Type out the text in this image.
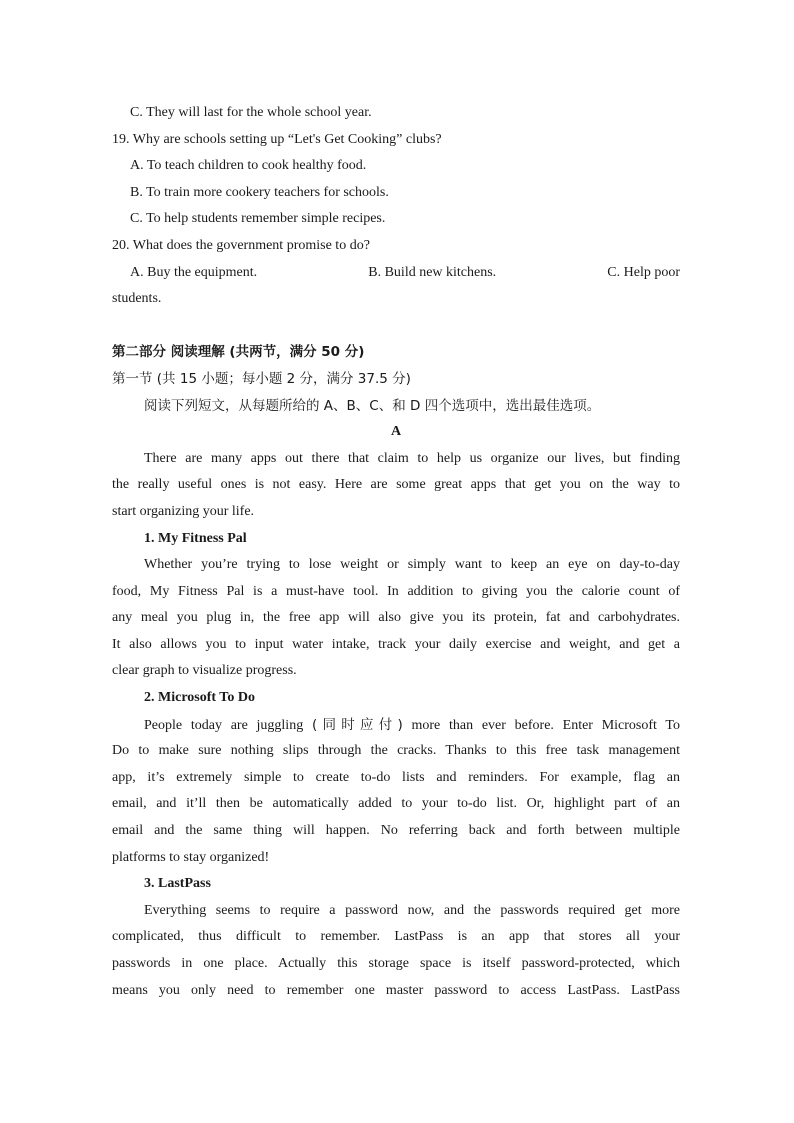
C. They will last for the whole school year.
19. Why are schools setting up “Let's Get Cooking” clubs?
A. To teach children to cook healthy food.
B. To train more cookery teachers for schools.
C. To help students remember simple recipes.
20. What does the government promise to do?
A. Buy the equipment.	B. Build new kitchens.	C. Help poor
students.
第二部分 阅读理解 (共两节，满分 50 分)
第一节 (共 15 小题；每小题 2 分，满分 37.5 分)
阅读下列短文，从每题所给的 A、B、C、和 D 四个选项中，选出最佳选项。
A
There are many apps out there that claim to help us organize our lives, but finding
the really useful ones is not easy. Here are some great apps that get you on the way to
start organizing your life.
1. My Fitness Pal
Whether you’re trying to lose weight or simply want to keep an eye on day-to-day
food, My Fitness Pal is a must-have tool. In addition to giving you the calorie count of
any meal you plug in, the free app will also give you its protein, fat and carbohydrates.
It also allows you to input water intake, track your daily exercise and weight, and get a
clear graph to visualize progress.
2. Microsoft To Do
People today are juggling (同时应付) more than ever before. Enter Microsoft To
Do to make sure nothing slips through the cracks. Thanks to this free task management
app, it’s extremely simple to create to-do lists and reminders. For example, flag an
email, and it’ll then be automatically added to your to-do list. Or, highlight part of an
email and the same thing will happen. No referring back and forth between multiple
platforms to stay organized!
3. LastPass
Everything seems to require a password now, and the passwords required get more
complicated, thus difficult to remember. LastPass is an app that stores all your
passwords in one place. Actually this storage space is itself password-protected, which
means you only need to remember one master password to access LastPass. LastPass
